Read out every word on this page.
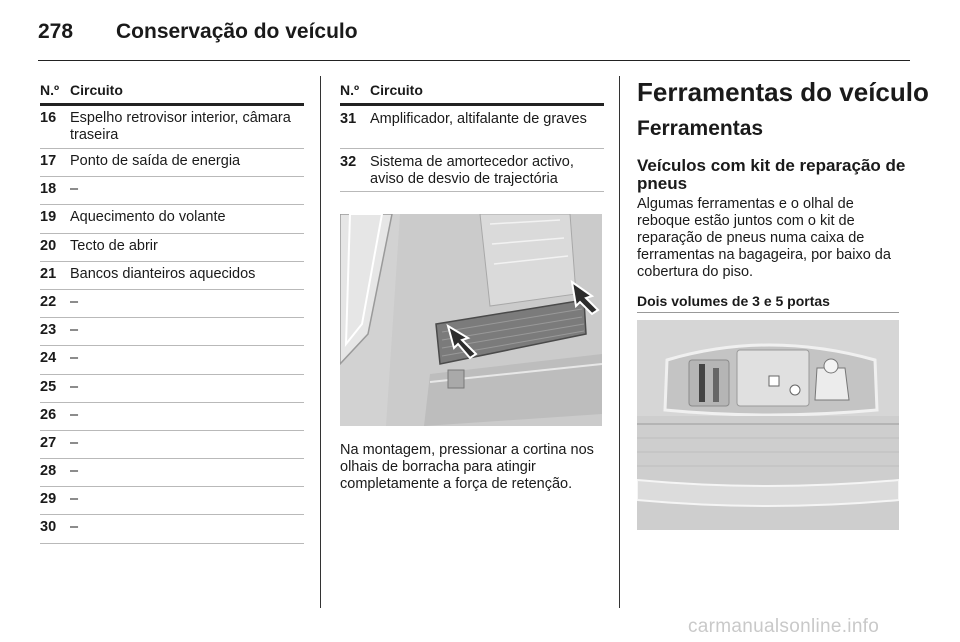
278 Conservação do veículo
N.º Circuito
16 Espelho retrovisor interior, câmara traseira
17 Ponto de saída de energia
18 –
19 Aquecimento do volante
20 Tecto de abrir
21 Bancos dianteiros aquecidos
22 –
23 –
24 –
25 –
26 –
27 –
28 –
29 –
30 –
N.º Circuito
31 Amplificador, altifalante de graves
32 Sistema de amortecedor activo, aviso de desvio de trajectória

Na montagem, pressionar a cortina nos olhais de borracha para atingir completamente a força de retenção.

Ferramentas do veículo
Ferramentas
Veículos com kit de reparação de pneus

Algumas ferramentas e o olhal de reboque estão juntos com o kit de reparação de pneus numa caixa de ferramentas na bagageira, por baixo da cobertura do piso.

Dois volumes de 3 e 5 portas
carmanualsonline.info
